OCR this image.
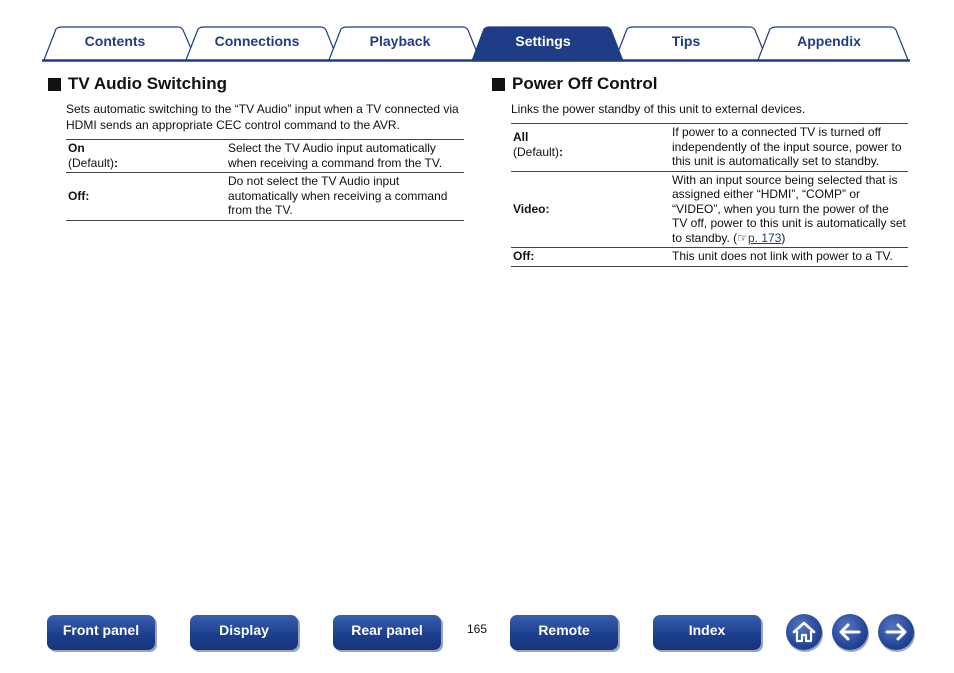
Contents	Connections	Playback	Settings	Tips	Appendix
TV Audio Switching

Sets automatic switching to the “TV Audio” input when a TV connected via HDMI sends an appropriate CEC control command to the AVR.

On
(Default):	Select the TV Audio input automatically when receiving a command from the TV.
Off:	Do not select the TV Audio input automatically when receiving a command from the TV.
Power Off Control

Links the power standby of this unit to external devices.

All
(Default):	If power to a connected TV is turned off independently of the input source, power to this unit is automatically set to standby.
Video:	With an input source being selected that is assigned either “HDMI”, “COMP” or “VIDEO”, when you turn the power of the TV off, power to this unit is automatically set to standby. (☞p. 173)
Off:	This unit does not link with power to a TV.
Front panel	Display	Rear panel	165	Remote	Index
